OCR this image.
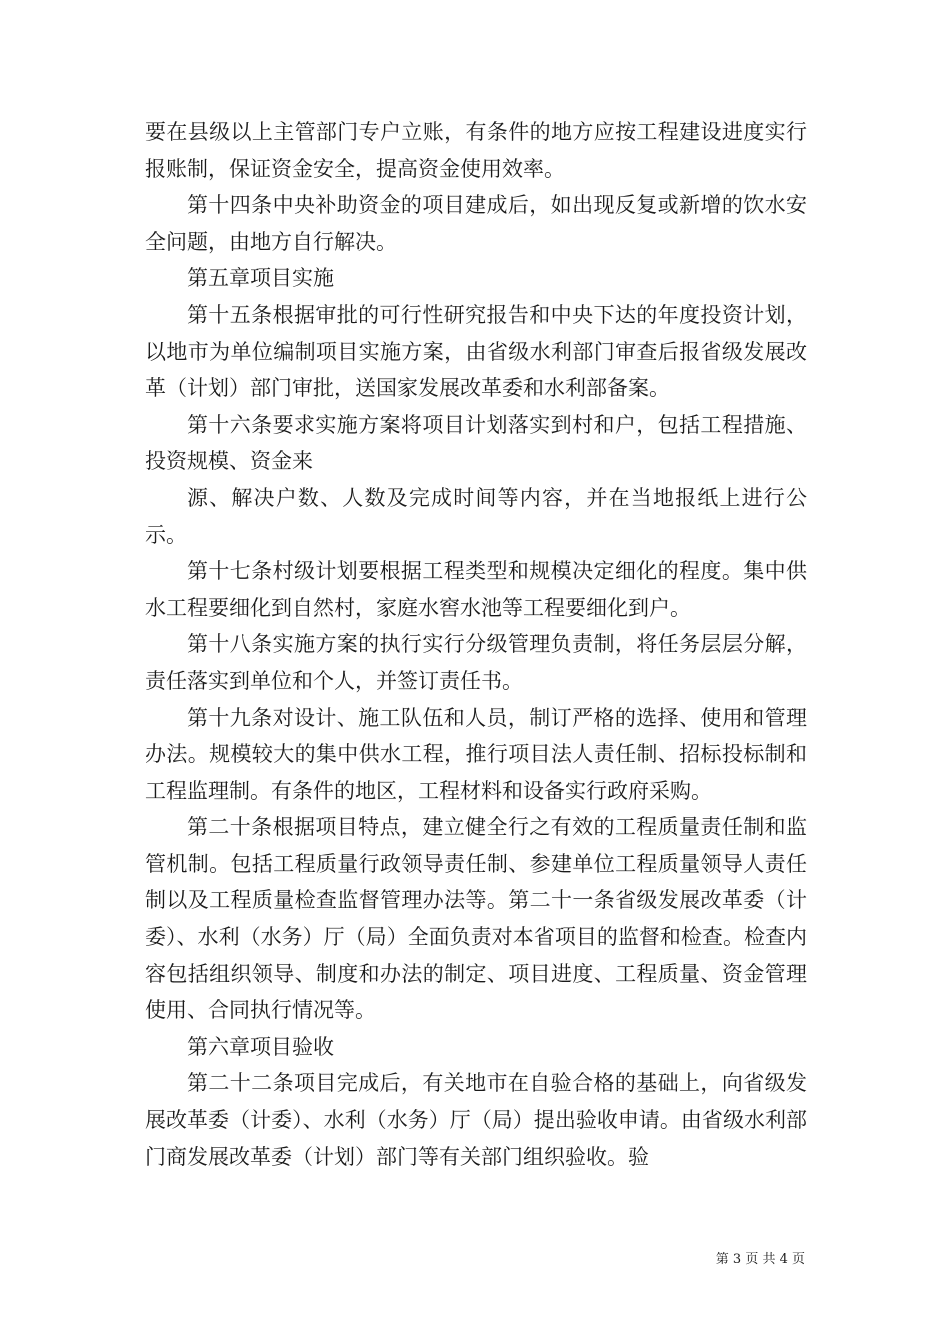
要在县级以上主管部门专户立账，有条件的地方应按工程建设进度实行报账制，保证资金安全，提高资金使用效率。

第十四条中央补助资金的项目建成后，如出现反复或新增的饮水安全问题，由地方自行解决。

第五章项目实施

第十五条根据审批的可行性研究报告和中央下达的年度投资计划，以地市为单位编制项目实施方案，由省级水利部门审查后报省级发展改革（计划）部门审批，送国家发展改革委和水利部备案。

第十六条要求实施方案将项目计划落实到村和户，包括工程措施、投资规模、资金来

源、解决户数、人数及完成时间等内容，并在当地报纸上进行公示。

第十七条村级计划要根据工程类型和规模决定细化的程度。集中供水工程要细化到自然村，家庭水窖水池等工程要细化到户。

第十八条实施方案的执行实行分级管理负责制，将任务层层分解，责任落实到单位和个人，并签订责任书。

第十九条对设计、施工队伍和人员，制订严格的选择、使用和管理办法。规模较大的集中供水工程，推行项目法人责任制、招标投标制和工程监理制。有条件的地区，工程材料和设备实行政府采购。

第二十条根据项目特点，建立健全行之有效的工程质量责任制和监管机制。包括工程质量行政领导责任制、参建单位工程质量领导人责任制以及工程质量检查监督管理办法等。第二十一条省级发展改革委（计委）、水利（水务）厅（局）全面负责对本省项目的监督和检查。检查内容包括组织领导、制度和办法的制定、项目进度、工程质量、资金管理使用、合同执行情况等。

第六章项目验收

第二十二条项目完成后，有关地市在自验合格的基础上，向省级发展改革委（计委）、水利（水务）厅（局）提出验收申请。由省级水利部门商发展改革委（计划）部门等有关部门组织验收。验

第 3 页 共 4 页
